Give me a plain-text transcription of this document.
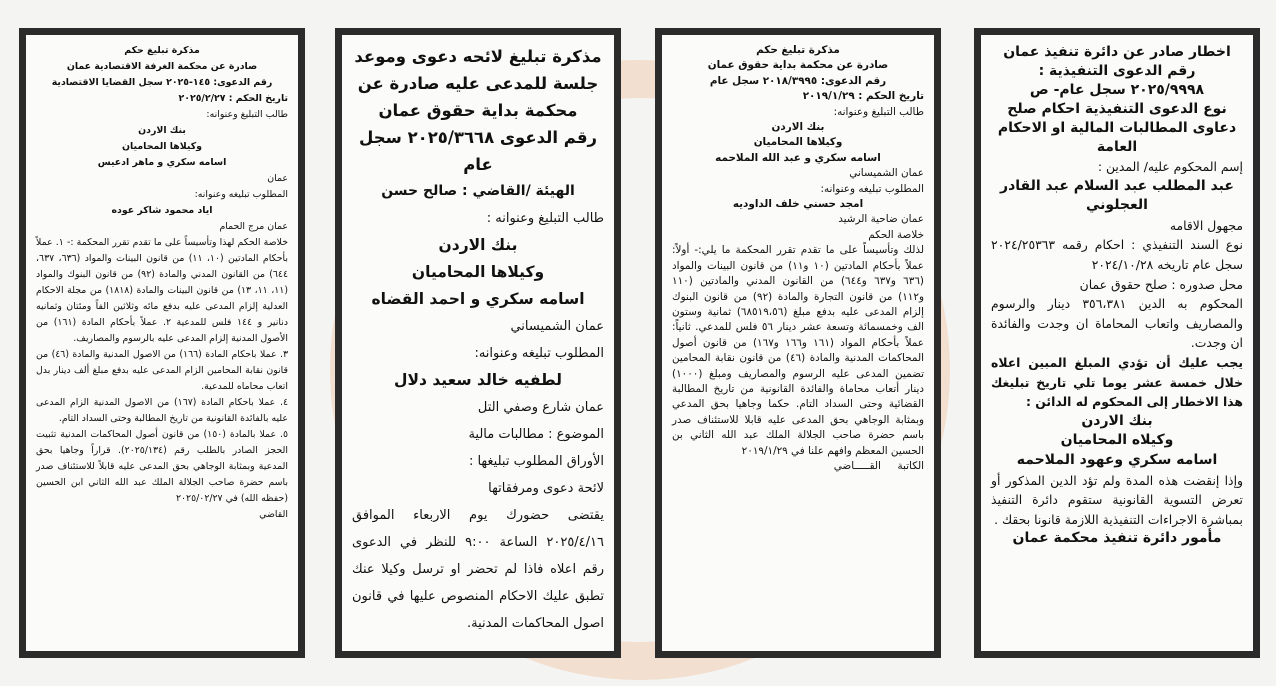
مذكرة تبليغ حكم

صادرة عن محكمة الغرفة الاقتصادية عمان

رقم الدعوى: ١٤٥-٢٠٢٥ سجل القضايا الاقتصادية

تاريخ الحكم : ٢٠٢٥/٢/٢٧

طالب التبليغ وعنوانه:

بنك الاردن

وكيلاها المحاميان

اسامه سكري و ماهر ادعيس

عمان

المطلوب تبليغه وعنوانه:

اياد محمود شاكر عوده

عمان مرج الحمام

خلاصة الحكم لهذا وتأسيساً على ما تقدم تقرر المحكمة :- ١. عملاً بأحكام المادتين (١٠، ١١) من قانون البينات والمواد (٦٣٦، ٦٣٧، ٦٤٤) من القانون المدني والمادة (٩٢) من قانون البنوك والمواد (١١، ١١، ١٣) من قانون البينات والمادة (١٨١٨) من مجلة الاحكام العدلية إلزام المدعى عليه بدفع مائه وثلاثين الفاً ومئتان وثمانيه دنانير و ١٤٤ فلس للمدعية ٢. عملاً بأحكام المادة (١٦١) من الأصول المدنية إلزام المدعى عليه بالرسوم والمصاريف.

٣. عملا باحكام المادة (١٦٦) من الاصول المدنية والمادة (٤٦) من قانون نقابة المحامين الزام المدعى عليه بدفع مبلغ ألف دينار بدل اتعاب محاماه للمدعية.

٤. عملا باحكام المادة (١٦٧) من الاصول المدنية الزام المدعى عليه بالفائدة القانونية من تاريخ المطالبة وحتى السداد التام.

٥. عملا بالمادة (١٥٠) من قانون أصول المحاكمات المدنية تثبيت الحجز الصادر بالطلب رقم (٢٠٢٥/١٣٤). قراراً وجاهيا بحق المدعية وبمثابة الوجاهي بحق المدعى عليه قابلاً للاستئناف صدر باسم حضرة صاحب الجلالة الملك عبد الله الثاني ابن الحسين (حفظه الله) في ٢٠٢٥/٠٢/٢٧

القاضي

مذكرة تبليغ لائحه دعوى وموعد جلسة للمدعى عليه صادرة عن محكمة بداية حقوق عمان

رقم الدعوى ٢٠٢٥/٣٦٦٨ سجل عام

الهيئة /القاضي : صالح حسن

طالب التبليغ وعنوانه :

بنك الاردن

وكيلاها المحاميان

اسامه سكري و احمد القضاه

عمان الشميساني

المطلوب تبليغه وعنوانه:

لطفيه خالد سعيد دلال

عمان شارع وصفي التل

الموضوع : مطالبات مالية

الأوراق المطلوب تبليغها :

لائحة دعوى ومرفقاتها

يقتضى حضورك يوم الاربعاء الموافق ٢٠٢٥/٤/١٦ الساعة ٩:٠٠ للنظر في الدعوى رقم اعلاه فاذا لم تحضر او ترسل وكيلا عنك تطبق عليك الاحكام المنصوص عليها في قانون اصول المحاكمات المدنية.

مذكرة تبليغ حكم

صادرة عن محكمة بداية حقوق عمان

رقم الدعوى: ٢٠١٨/٣٩٩٥ سجل عام

تاريخ الحكم : ٢٠١٩/١/٢٩

طالب التبليغ وعنوانه:

بنك الاردن

وكيلاها المحاميان

اسامه سكري و عبد الله الملاحمه

عمان الشميساني

المطلوب تبليغه وعنوانه:

امجد حسني خلف الداوديه

عمان ضاحية الرشيد

خلاصة الحكم

لذلك وتأسيساً على ما تقدم تقرر المحكمة ما يلي:- أولاً: عملاً بأحكام المادتين (١٠ و١١) من قانون البينات والمواد (٦٣٦ و٦٣٧ و٦٤٤) من القانون المدني والمادتين (١١٠ و١١٢) من قانون التجارة والمادة (٩٢) من قانون البنوك إلزام المدعى عليه بدفع مبلغ (٦٨٥١٩،٥٦) ثمانية وستون الف وخمسمائة وتسعة عشر دينار ٥٦ فلس للمدعي. ثانياً: عملاً بأحكام المواد (١٦١ و١٦٦ و١٦٧) من قانون أصول المحاكمات المدنية والمادة (٤٦) من قانون نقابة المحامين تضمين المدعى عليه الرسوم والمصاريف ومبلغ (١٠٠٠) دينار أتعاب محاماة والفائدة القانونية من تاريخ المطالبة القضائية وحتى السداد التام. حكما وجاهيا بحق المدعي وبمثابة الوجاهي بحق المدعى عليه قابلا للاستئناف صدر باسم حضرة صاحب الجلالة الملك عبد الله الثاني بن الحسين المعظم وافهم علنا في ٢٠١٩/١/٢٩

الكاتبة     القـــــاضي

اخطار صادر عن دائرة تنفيذ عمان

رقم الدعوى التنفيذية :

٢٠٢٥/٩٩٩٨ سجل عام- ص

نوع الدعوى التنفيذية احكام صلح دعاوى المطالبات المالية او الاحكام العامة

إسم المحكوم عليه/ المدين :

عبد المطلب عبد السلام عبد القادر العجلوني

مجهول الاقامه

نوع السند التنفيذي : احكام رقمه ٢٠٢٤/٢٥٣٦٣ سجل عام تاريخه ٢٠٢٤/١٠/٢٨

محل صدوره : صلح حقوق عمان

المحكوم به الدين ٣٥٦،٣٨١ دينار والرسوم والمصاريف واتعاب المحاماة ان وجدت والفائدة ان وجدت.

يجب عليك أن تؤدي المبلغ المبين اعلاه خلال خمسة عشر يوما تلي تاريخ تبليغك هذا الاخطار إلى المحكوم له الدائن :

بنك الاردن

وكيلاه المحاميان

اسامه سكري وعهود الملاحمه

وإذا إنقضت هذه المدة ولم تؤد الدين المذكور أو تعرض التسوية القانونية ستقوم دائرة التنفيذ بمباشرة الاجراءات التنفيذية اللازمة قانونا بحقك .

مأمور دائرة تنفيذ محكمة عمان
